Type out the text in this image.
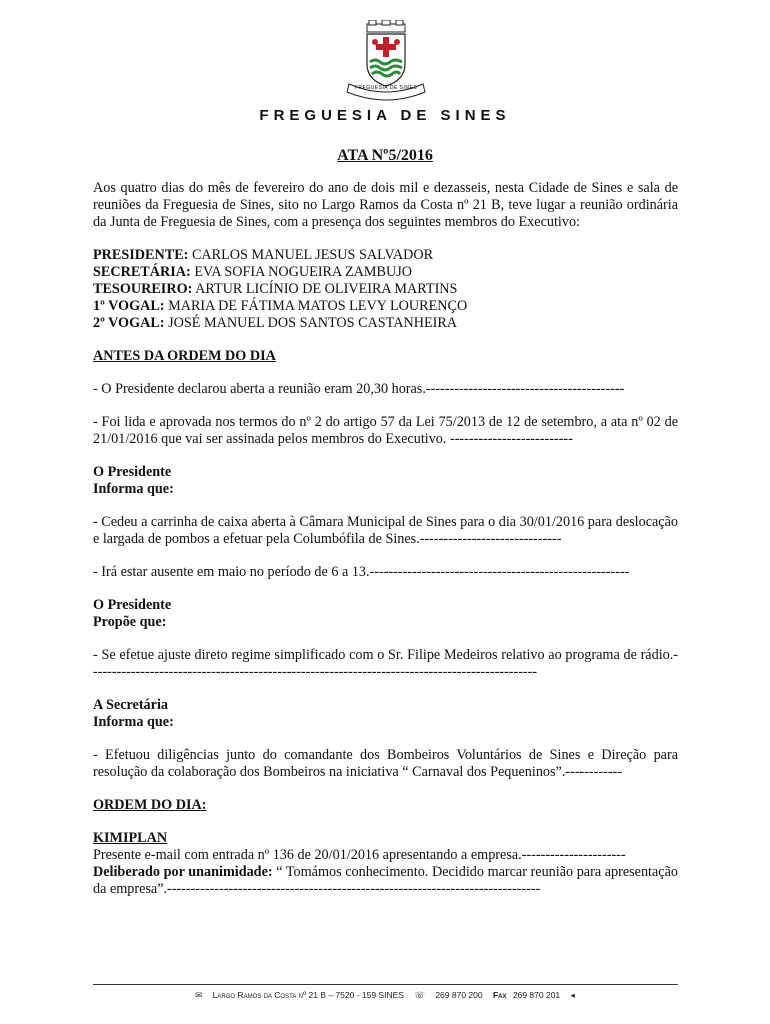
FREGUESIA DE SINES
FREGUESIA DE SINES
ATA Nº5/2016

Aos quatro dias do mês de fevereiro do ano de dois mil e dezasseis, nesta Cidade de Sines e sala de reuniões da Freguesia de Sines, sito no Largo Ramos da Costa nº 21 B, teve lugar a reunião ordinária da Junta de Freguesia de Sines, com a presença dos seguintes membros do Executivo:

PRESIDENTE: CARLOS MANUEL JESUS SALVADOR
SECRETÁRIA: EVA SOFIA NOGUEIRA ZAMBUJO
TESOUREIRO: ARTUR LICÍNIO DE OLIVEIRA MARTINS
1º VOGAL: MARIA DE FÁTIMA MATOS LEVY LOURENÇO
2º VOGAL: JOSÉ MANUEL DOS SANTOS CASTANHEIRA

ANTES DA ORDEM DO DIA

- O Presidente declarou aberta a reunião eram 20,30 horas.------------------------------------------

- Foi lida e aprovada nos termos do nº 2 do artigo 57 da Lei 75/2013 de 12 de setembro, a ata nº 02 de 21/01/2016 que vai ser assinada pelos membros do Executivo. --------------------------

O Presidente
Informa que:

- Cedeu a carrinha de caixa aberta à Câmara Municipal de Sines para o dia 30/01/2016 para deslocação e largada de pombos a efetuar pela Columbófila de Sines.------------------------------

- Irá estar ausente em maio no período de 6 a 13.-------------------------------------------------------

O Presidente
Propõe que:

- Se efetue ajuste direto regime simplificado com o Sr. Filipe Medeiros relativo ao programa de rádio.-----------------------------------------------------------------------------------------------

A Secretária
Informa que:

- Efetuou diligências junto do comandante dos Bombeiros Voluntários de Sines e Direção para resolução da colaboração dos Bombeiros na iniciativa “ Carnaval dos Pequeninos”.------------

ORDEM DO DIA:

KIMIPLAN
Presente e-mail com entrada nº 136 de 20/01/2016 apresentando a empresa.----------------------

Deliberado por unanimidade: “ Tomámos conhecimento. Decidido marcar reunião para apresentação da empresa”.-------------------------------------------------------------------------------

✉ Largo Ramos da Costa nº 21 B – 7520 - 159 SINES ☏ 269 870 200 Fax 269 870 201 ◂
